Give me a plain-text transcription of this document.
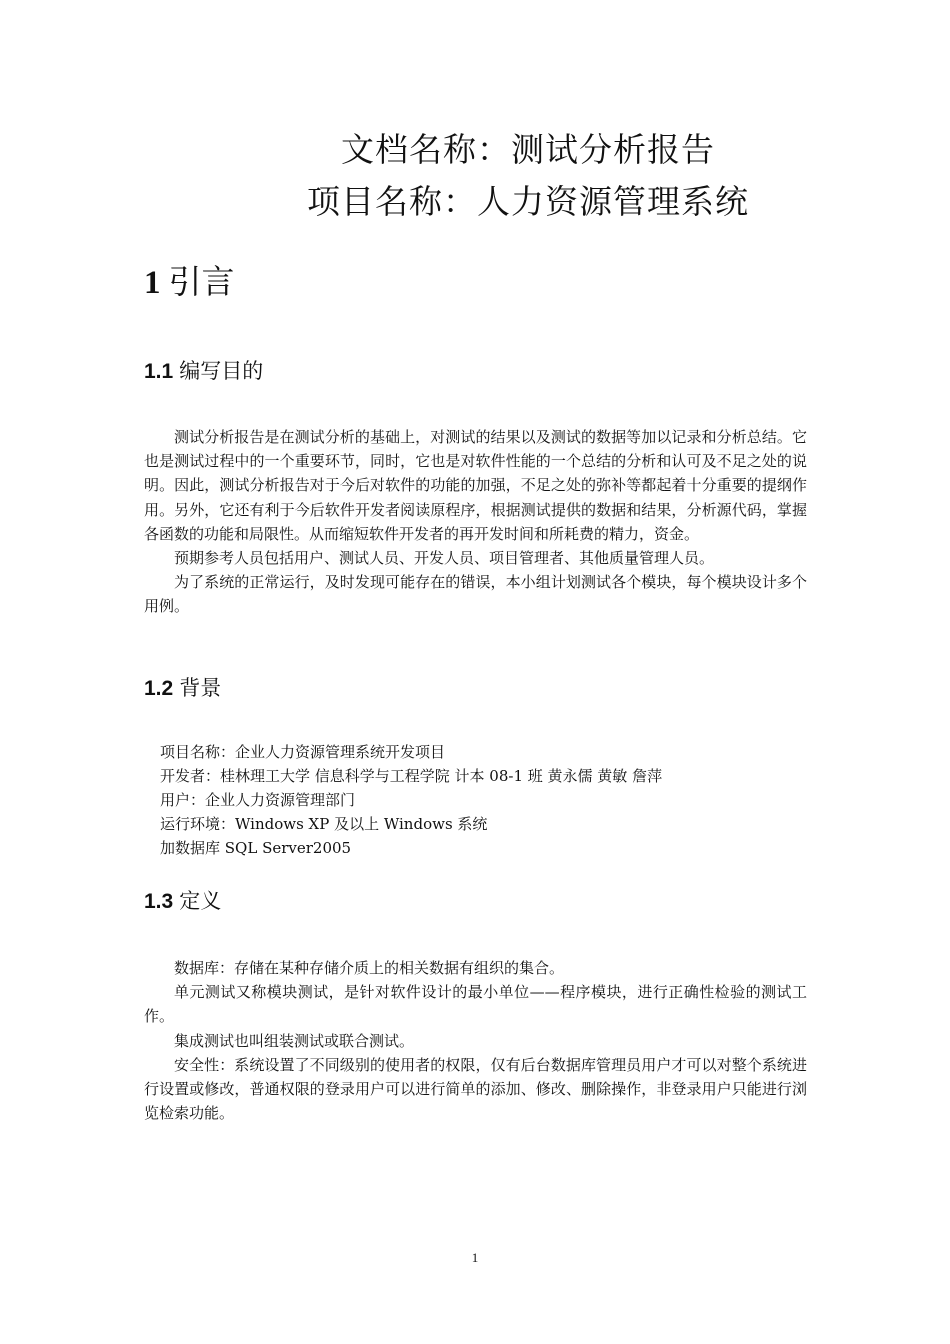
文档名称：测试分析报告
项目名称：人力资源管理系统
1 引言
1.1 编写目的

测试分析报告是在测试分析的基础上，对测试的结果以及测试的数据等加以记录和分析总结。它也是测试过程中的一个重要环节，同时，它也是对软件性能的一个总结的分析和认可及不足之处的说明。因此，测试分析报告对于今后对软件的功能的加强，不足之处的弥补等都起着十分重要的提纲作用。另外，它还有利于今后软件开发者阅读原程序，根据测试提供的数据和结果，分析源代码，掌握各函数的功能和局限性。从而缩短软件开发者的再开发时间和所耗费的精力，资金。

预期参考人员包括用户、测试人员、开发人员、项目管理者、其他质量管理人员。

为了系统的正常运行，及时发现可能存在的错误，本小组计划测试各个模块，每个模块设计多个用例。

1.2 背景
项目名称：企业人力资源管理系统开发项目
开发者：桂林理工大学 信息科学与工程学院 计本 08-1 班 黄永儒 黄敏 詹萍
用户：企业人力资源管理部门
运行环境：Windows XP 及以上 Windows 系统
加数据库 SQL Server2005
1.3 定义

数据库：存储在某种存储介质上的相关数据有组织的集合。

单元测试又称模块测试，是针对软件设计的最小单位——程序模块，进行正确性检验的测试工作。

集成测试也叫组装测试或联合测试。

安全性：系统设置了不同级别的使用者的权限，仅有后台数据库管理员用户才可以对整个系统进行设置或修改，普通权限的登录用户可以进行简单的添加、修改、删除操作，非登录用户只能进行浏览检索功能。

1
